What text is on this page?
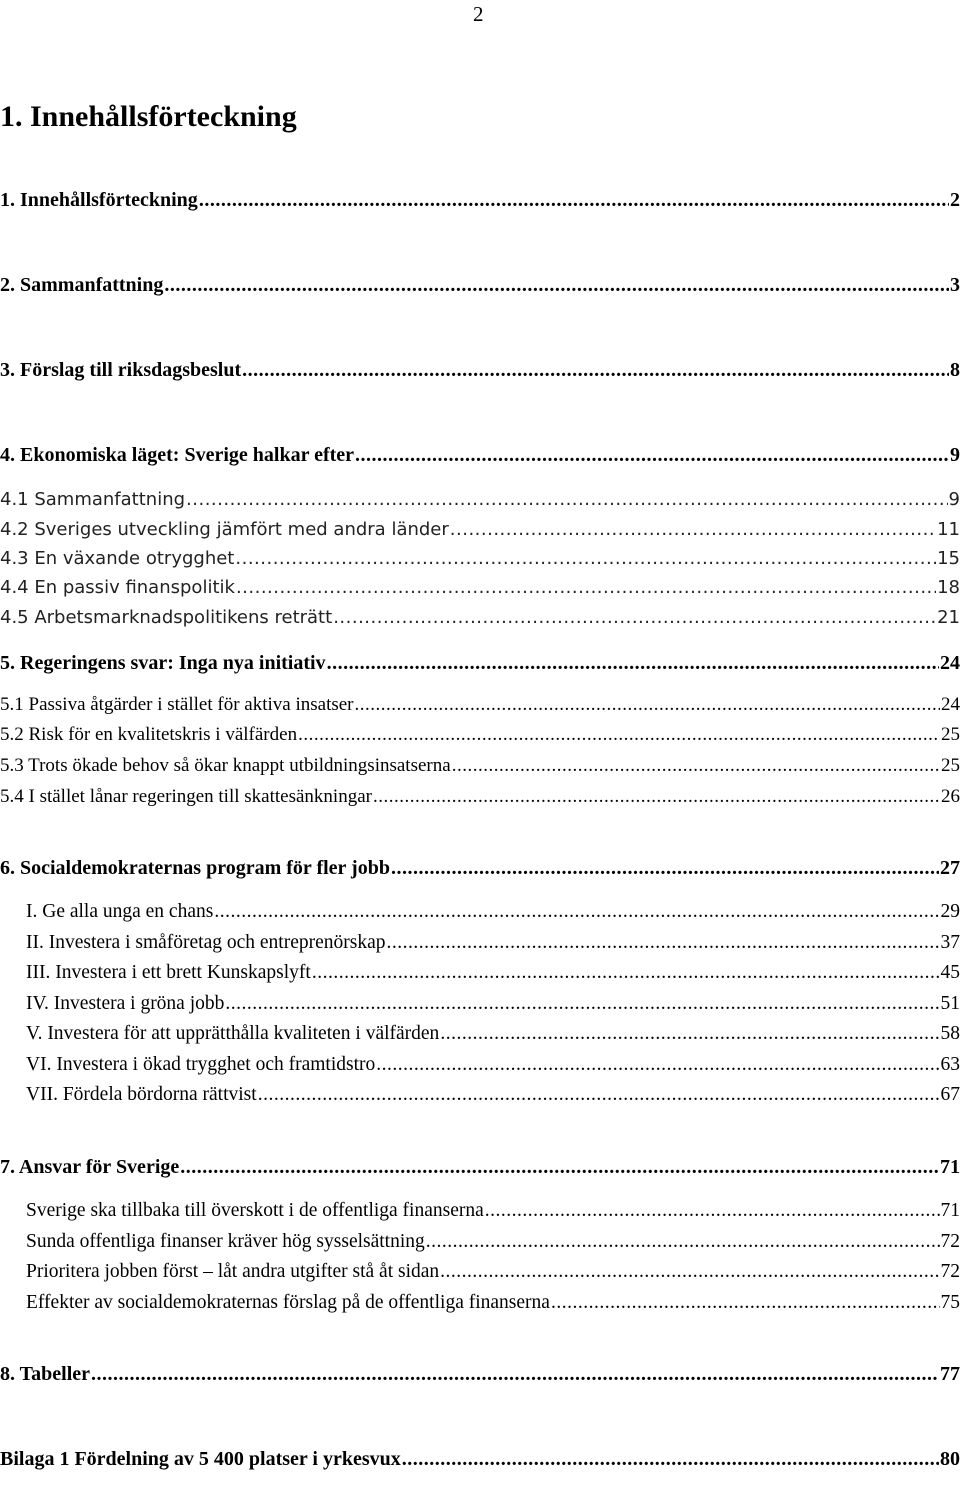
2
1. Innehållsförteckning
1. Innehållsförteckning .....	2
2. Sammanfattning .....	3
3. Förslag till riksdagsbeslut .....	8
4. Ekonomiska läget: Sverige halkar efter .....	9
4.1 Sammanfattning .....	9
4.2 Sveriges utveckling jämfört med andra länder .....	11
4.3 En växande otrygghet .....	15
4.4 En passiv finanspolitik .....	18
4.5 Arbetsmarknadspolitikens reträtt .....	21
5. Regeringens svar: Inga nya initiativ .....	24
5.1 Passiva åtgärder i stället för aktiva insatser .....	24
5.2 Risk för en kvalitetskris i välfärden .....	25
5.3 Trots ökade behov så ökar knappt utbildningsinsatserna .....	25
5.4 I stället lånar regeringen till skattesänkningar .....	26
6. Socialdemokraternas program för fler jobb .....	27
I. Ge alla unga en chans .....	29
II. Investera i småföretag och entreprenörskap .....	37
III. Investera i ett brett Kunskapslyft .....	45
IV. Investera i gröna jobb .....	51
V. Investera för att upprätthålla kvaliteten i välfärden .....	58
VI. Investera i ökad trygghet och framtidstro .....	63
VII. Fördela bördorna rättvist .....	67
7. Ansvar för Sverige .....	71
Sverige ska tillbaka till överskott i de offentliga finanserna .....	71
Sunda offentliga finanser kräver hög sysselsättning .....	72
Prioritera jobben först – låt andra utgifter stå åt sidan .....	72
Effekter av socialdemokraternas förslag på de offentliga finanserna .....	75
8. Tabeller .....	77
Bilaga 1 Fördelning av 5 400 platser i yrkesvux .....	80
